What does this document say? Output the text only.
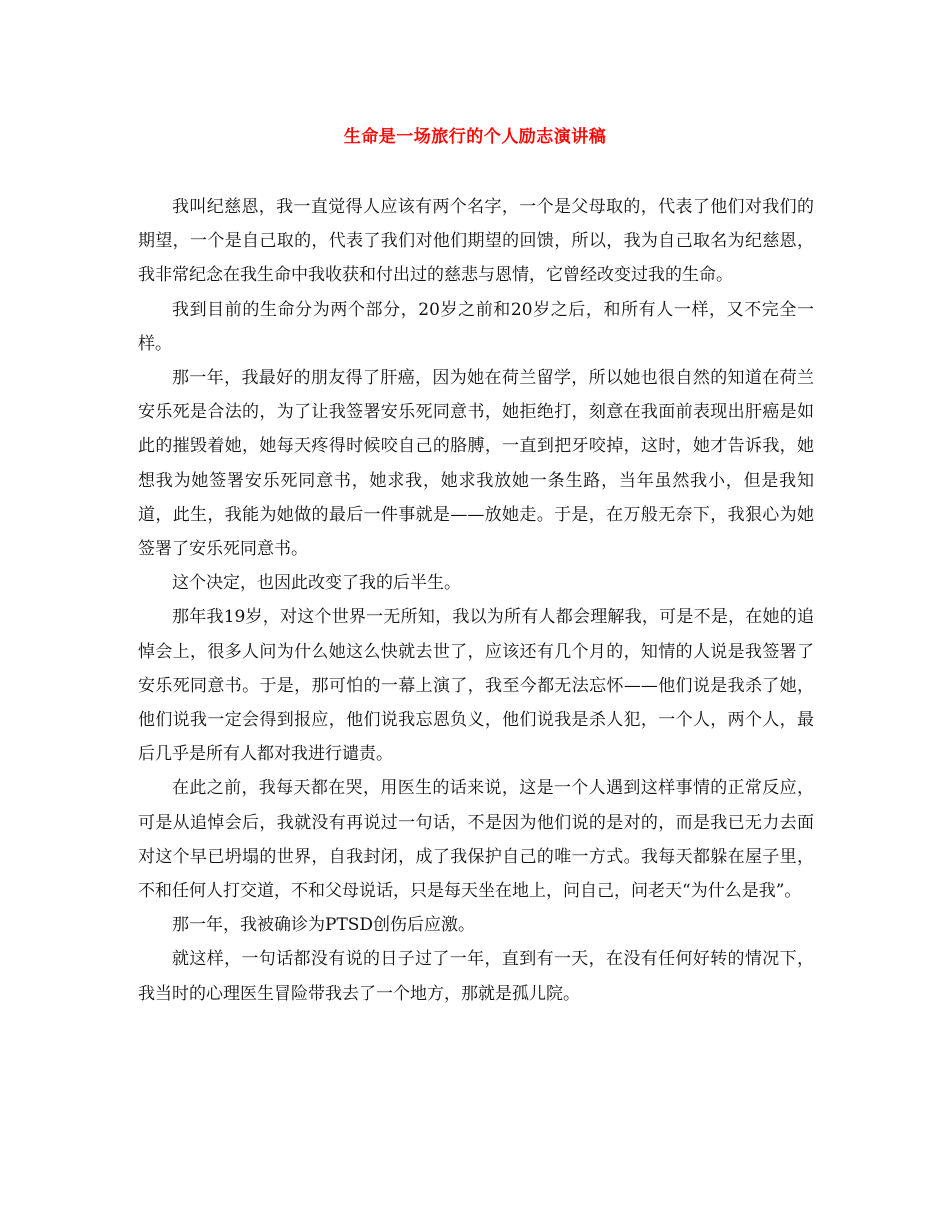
生命是一场旅行的个人励志演讲稿

我叫纪慈恩，我一直觉得人应该有两个名字，一个是父母取的，代表了他们对我们的期望，一个是自己取的，代表了我们对他们期望的回馈，所以，我为自己取名为纪慈恩，我非常纪念在我生命中我收获和付出过的慈悲与恩情，它曾经改变过我的生命。

我到目前的生命分为两个部分，20岁之前和20岁之后，和所有人一样，又不完全一样。

那一年，我最好的朋友得了肝癌，因为她在荷兰留学，所以她也很自然的知道在荷兰安乐死是合法的，为了让我签署安乐死同意书，她拒绝打，刻意在我面前表现出肝癌是如此的摧毁着她，她每天疼得时候咬自己的胳膊，一直到把牙咬掉，这时，她才告诉我，她想我为她签署安乐死同意书，她求我，她求我放她一条生路，当年虽然我小，但是我知道，此生，我能为她做的最后一件事就是——放她走。于是，在万般无奈下，我狠心为她签署了安乐死同意书。

这个决定，也因此改变了我的后半生。

那年我19岁，对这个世界一无所知，我以为所有人都会理解我，可是不是，在她的追悼会上，很多人问为什么她这么快就去世了，应该还有几个月的，知情的人说是我签署了安乐死同意书。于是，那可怕的一幕上演了，我至今都无法忘怀——他们说是我杀了她，他们说我一定会得到报应，他们说我忘恩负义，他们说我是杀人犯，一个人，两个人，最后几乎是所有人都对我进行谴责。

在此之前，我每天都在哭，用医生的话来说，这是一个人遇到这样事情的正常反应，可是从追悼会后，我就没有再说过一句话，不是因为他们说的是对的，而是我已无力去面对这个早已坍塌的世界，自我封闭，成了我保护自己的唯一方式。我每天都躲在屋子里，不和任何人打交道，不和父母说话，只是每天坐在地上，问自己，问老天“为什么是我”。

那一年，我被确诊为PTSD创伤后应激。

就这样，一句话都没有说的日子过了一年，直到有一天，在没有任何好转的情况下，我当时的心理医生冒险带我去了一个地方，那就是孤儿院。
